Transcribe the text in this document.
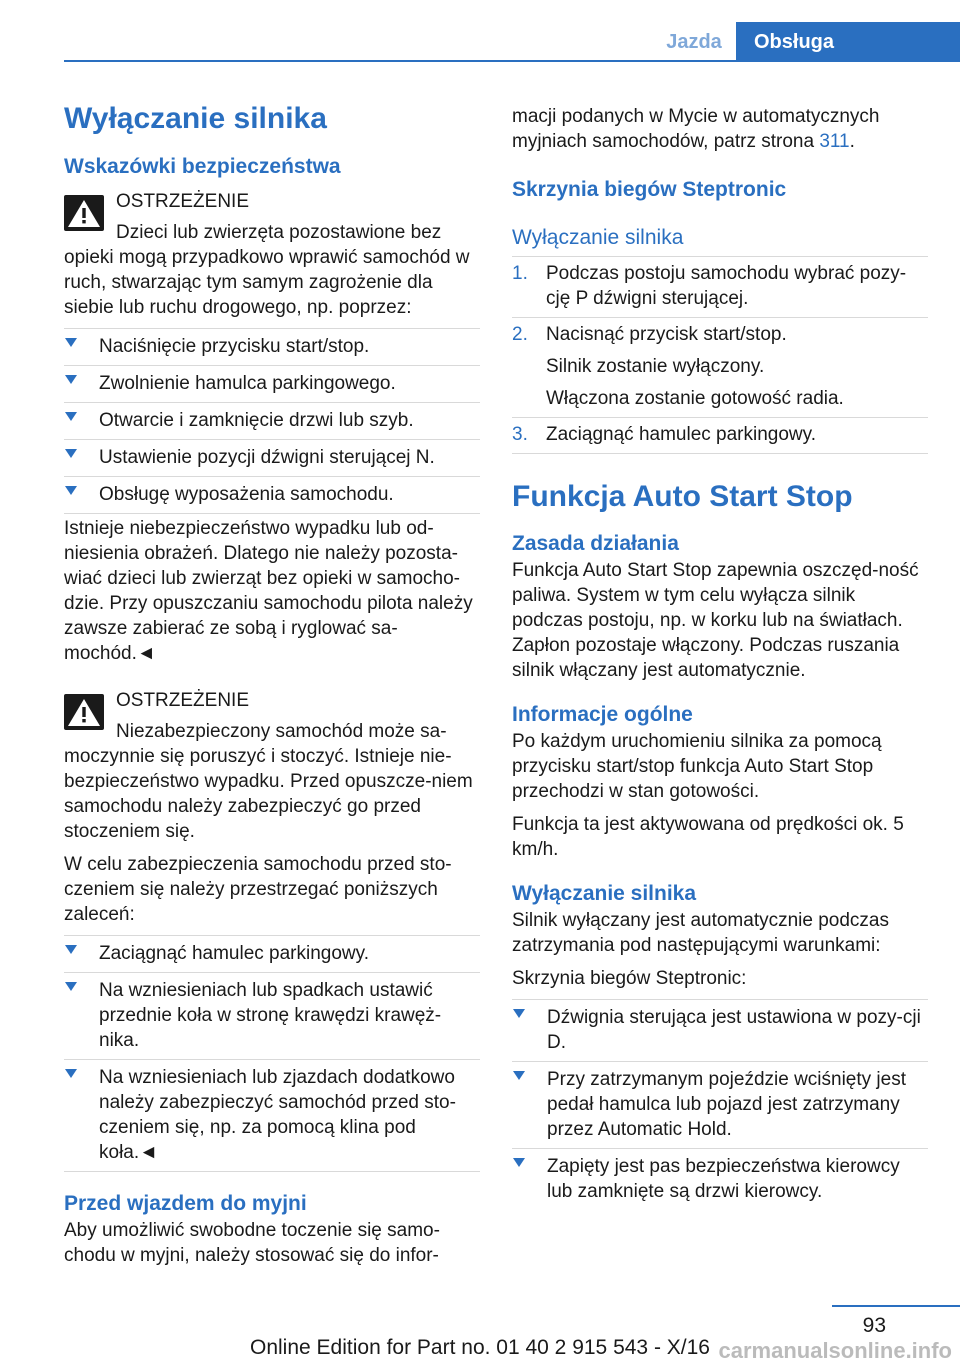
Jazda	Obsługa

Wyłączanie silnika

Wskazówki bezpieczeństwa

OSTRZEŻENIE

Dzieci lub zwierzęta pozostawione bez

opieki mogą przypadkowo wprawić samochód w ruch, stwarzając tym samym zagrożenie dla siebie lub ruchu drogowego, np. poprzez:

Naciśnięcie przycisku start/stop.
Zwolnienie hamulca parkingowego.
Otwarcie i zamknięcie drzwi lub szyb.
Ustawienie pozycji dźwigni sterującej N.
Obsługę wyposażenia samochodu.

Istnieje niebezpieczeństwo wypadku lub od-niesienia obrażeń. Dlatego nie należy pozosta-wiać dzieci lub zwierząt bez opieki w samocho-dzie. Przy opuszczaniu samochodu pilota należy zawsze zabierać ze sobą i ryglować sa-mochód.◄

OSTRZEŻENIE

Niezabezpieczony samochód może sa-

moczynnie się poruszyć i stoczyć. Istnieje nie-bezpieczeństwo wypadku. Przed opuszcze-niem samochodu należy zabezpieczyć go przed stoczeniem się.

W celu zabezpieczenia samochodu przed sto-czeniem się należy przestrzegać poniższych zaleceń:

Zaciągnąć hamulec parkingowy.
Na wzniesieniach lub spadkach ustawić przednie koła w stronę krawędzi krawęż-nika.
Na wzniesieniach lub zjazdach dodatkowo należy zabezpieczyć samochód przed sto-czeniem się, np. za pomocą klina pod koła.◄

Przed wjazdem do myjni

Aby umożliwić swobodne toczenie się samo-chodu w myjni, należy stosować się do infor-

macji podanych w Mycie w automatycznych myjniach samochodów, patrz strona 311.

Skrzynia biegów Steptronic

Wyłączanie silnika

1. Podczas postoju samochodu wybrać pozy-cję P dźwigni sterującej.

2. Nacisnąć przycisk start/stop.

Silnik zostanie wyłączony.

Włączona zostanie gotowość radia.

3. Zaciągnąć hamulec parkingowy.

Funkcja Auto Start Stop

Zasada działania

Funkcja Auto Start Stop zapewnia oszczęd-ność paliwa. System w tym celu wyłącza silnik podczas postoju, np. w korku lub na światłach. Zapłon pozostaje włączony. Podczas ruszania silnik włączany jest automatycznie.

Informacje ogólne

Po każdym uruchomieniu silnika za pomocą przycisku start/stop funkcja Auto Start Stop przechodzi w stan gotowości.

Funkcja ta jest aktywowana od prędkości ok. 5 km/h.

Wyłączanie silnika

Silnik wyłączany jest automatycznie podczas zatrzymania pod następującymi warunkami:

Skrzynia biegów Steptronic:

Dźwignia sterująca jest ustawiona w pozy-cji D.
Przy zatrzymanym pojeździe wciśnięty jest pedał hamulca lub pojazd jest zatrzymany przez Automatic Hold.
Zapięty jest pas bezpieczeństwa kierowcy lub zamknięte są drzwi kierowcy.
93
Online Edition for Part no. 01 40 2 915 543 - X/16 carmanualsonline.info
